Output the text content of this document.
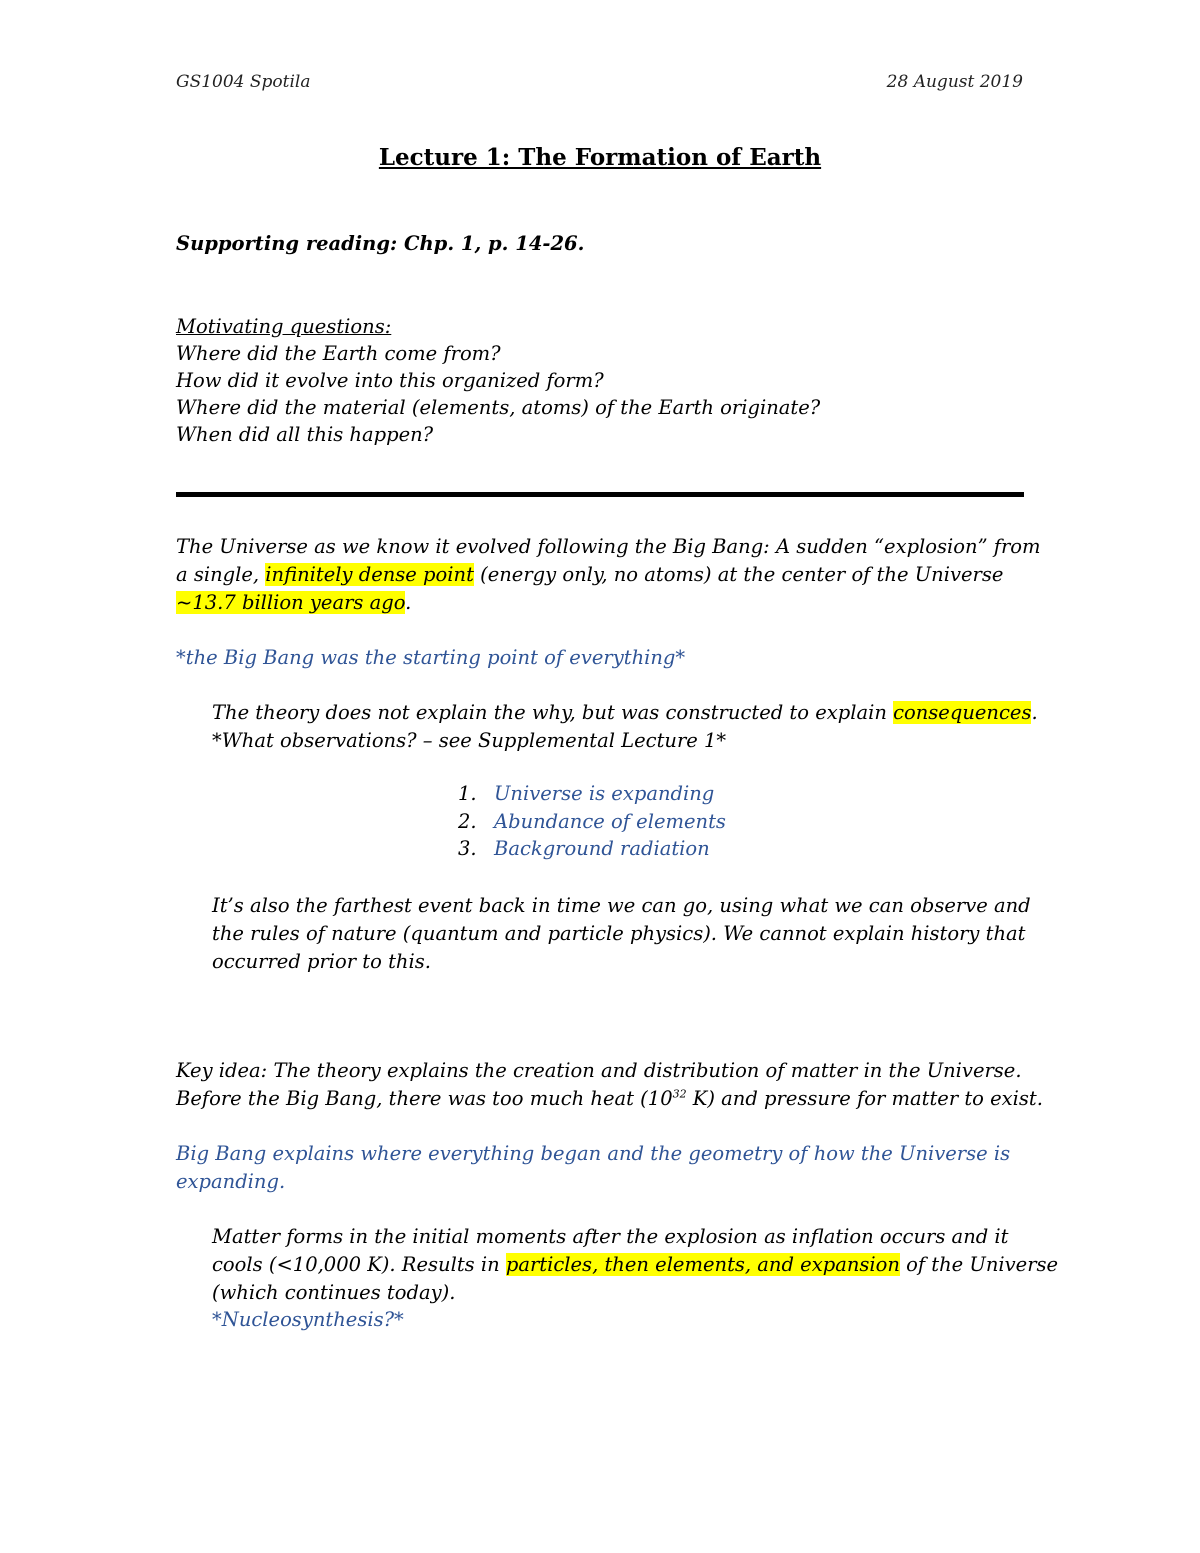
GS1004 Spotila	28 August 2019
Lecture 1: The Formation of Earth
Supporting reading: Chp. 1, p. 14-26.
Motivating questions:
Where did the Earth come from?
How did it evolve into this organized form?
Where did the material (elements, atoms) of the Earth originate?
When did all this happen?
The Universe as we know it evolved following the Big Bang: A sudden “explosion” from
a single, infinitely dense point (energy only, no atoms) at the center of the Universe
~13.7 billion years ago.
*the Big Bang was the starting point of everything*
The theory does not explain the why, but was constructed to explain consequences.
*What observations? – see Supplemental Lecture 1*
1. Universe is expanding
2. Abundance of elements
3. Background radiation
It’s also the farthest event back in time we can go, using what we can observe and
the rules of nature (quantum and particle physics). We cannot explain history that
occurred prior to this.
Key idea: The theory explains the creation and distribution of matter in the Universe.
Before the Big Bang, there was too much heat ($10^{32}$ K) and pressure for matter to exist.
Big Bang explains where everything began and the geometry of how the Universe is
expanding.
Matter forms in the initial moments after the explosion as inflation occurs and it
cools (<10,000 K). Results in particles, then elements, and expansion of the Universe
(which continues today).
*Nucleosynthesis?*
